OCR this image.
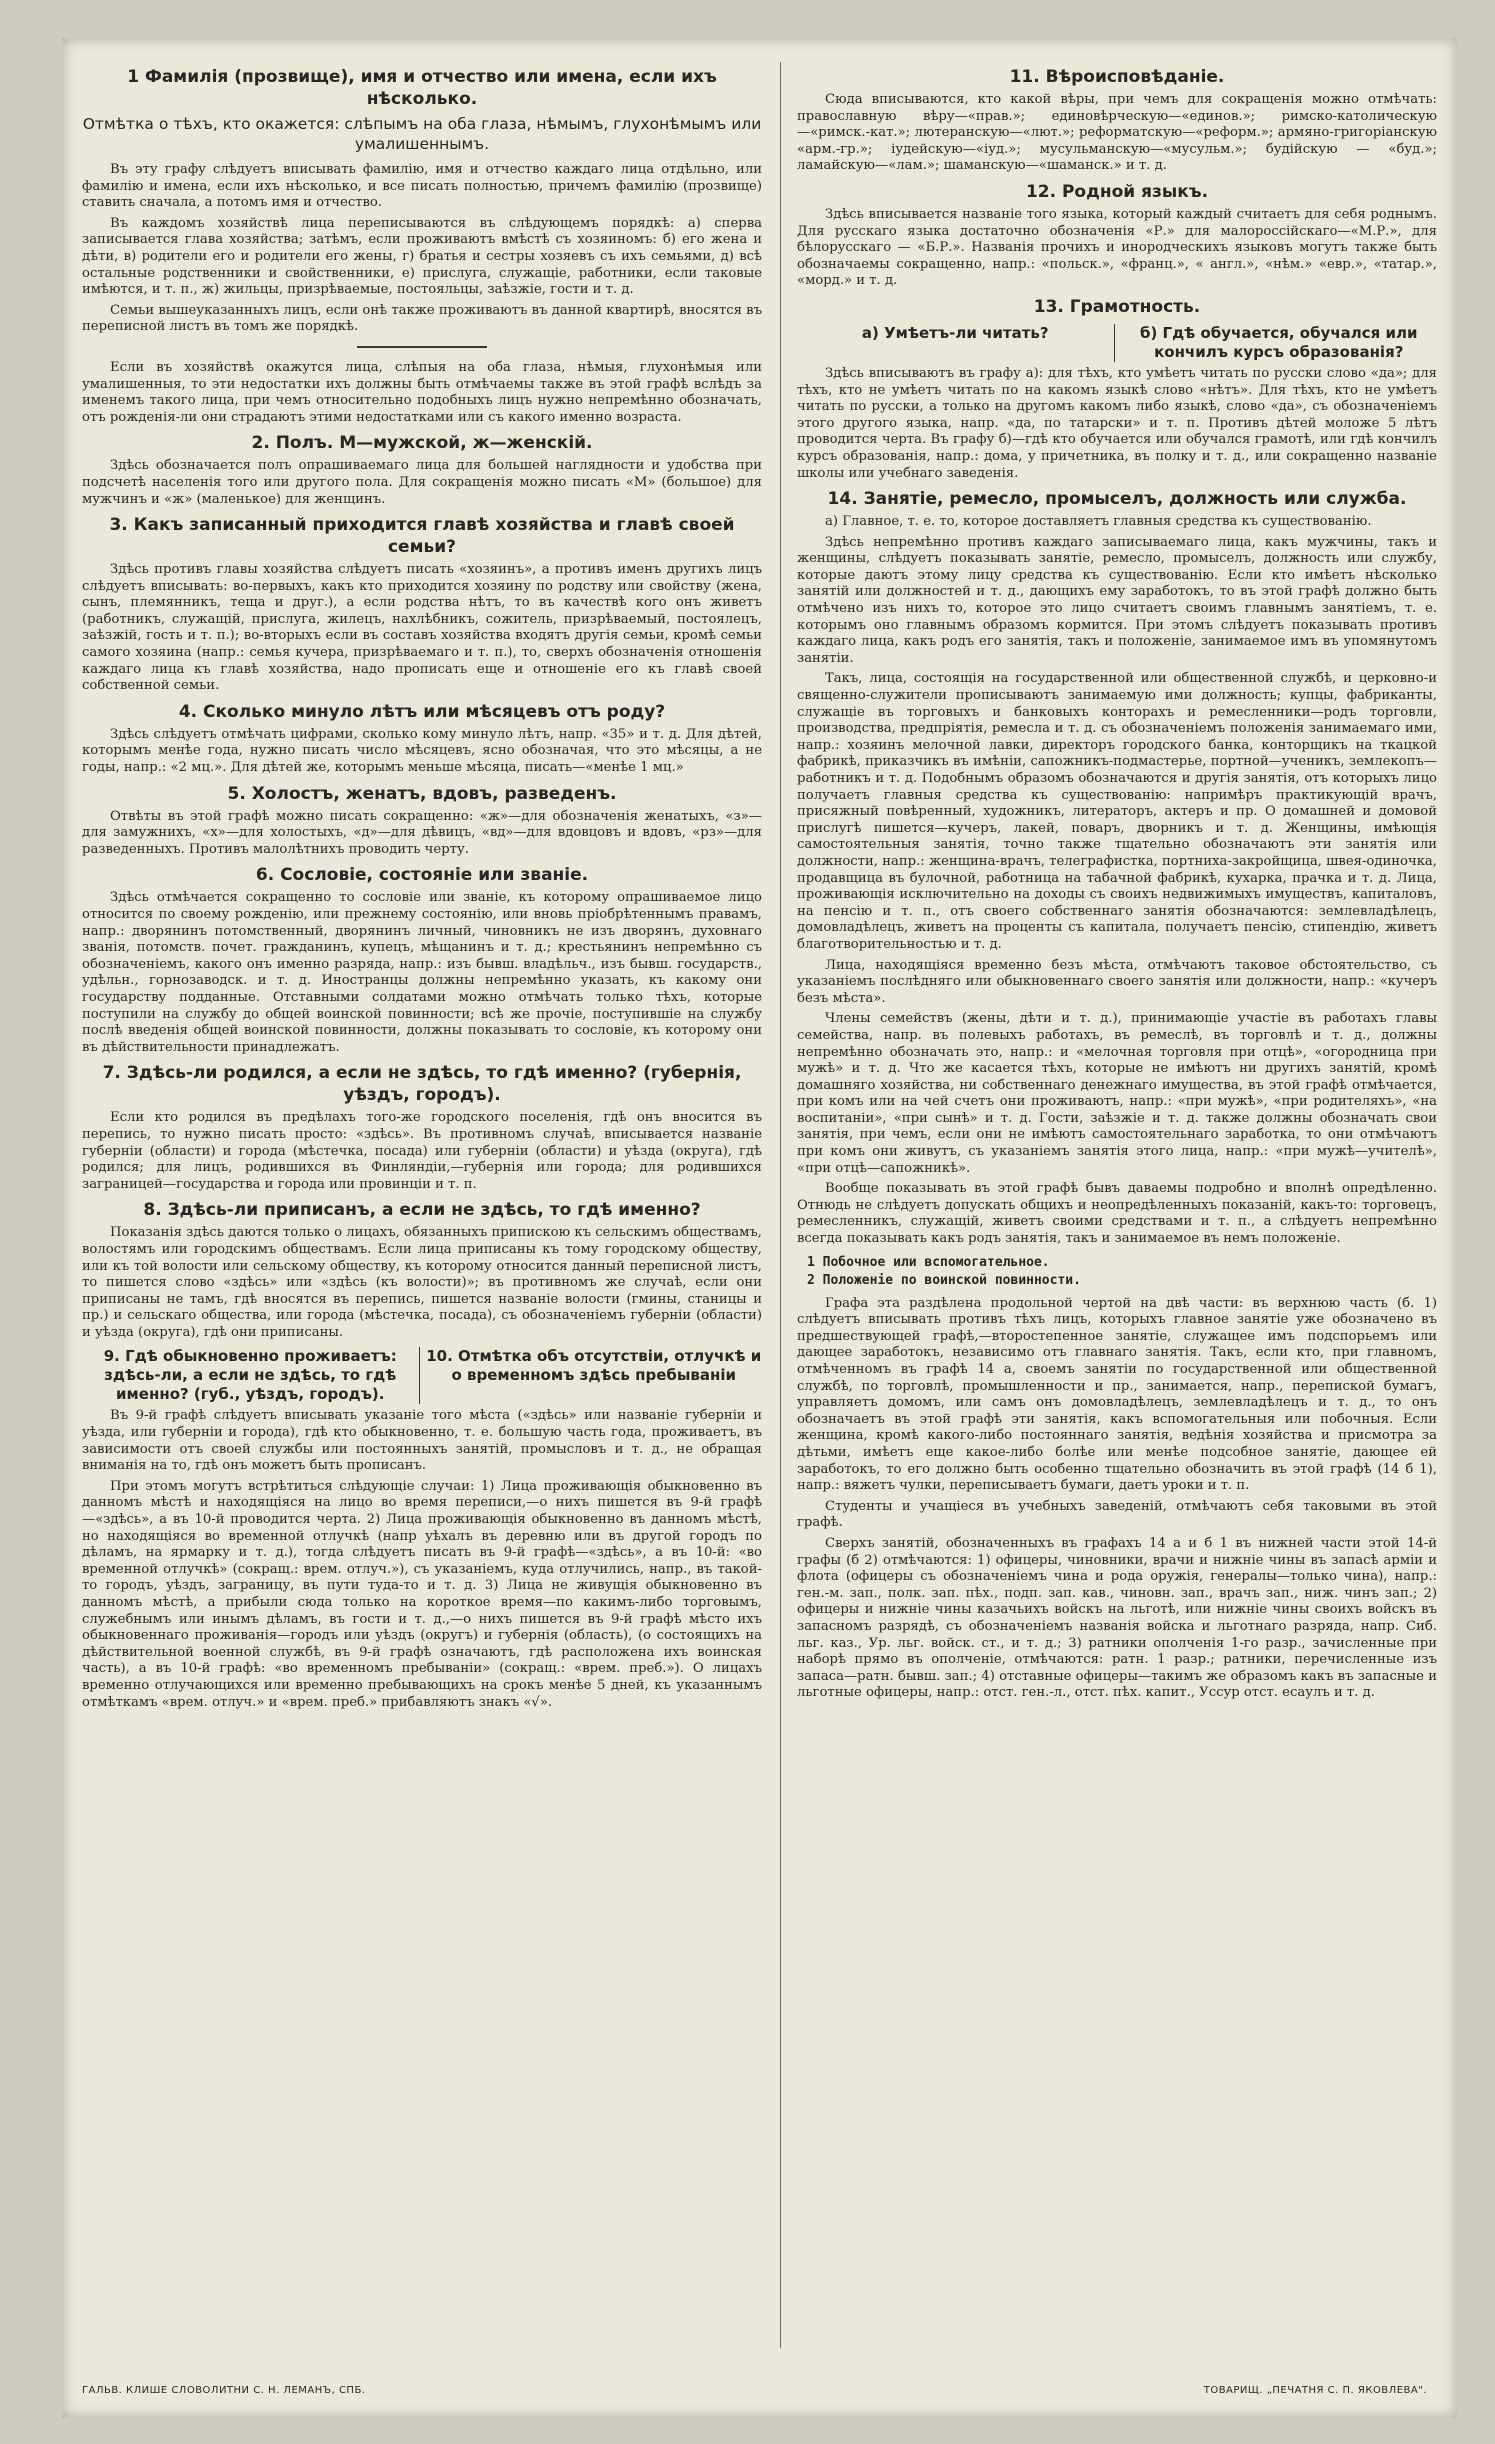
1 Фамилія (прозвище), имя и отчество или имена, если ихъ нѣсколько.
Отмѣтка о тѣхъ, кто окажется: слѣпымъ на оба глаза, нѣмымъ, глухонѣмымъ или умалишеннымъ.

Въ эту графу слѣдуетъ вписывать фамилію, имя и отчество каждаго лица отдѣльно, или фамилію и имена, если ихъ нѣсколько, и все писать полностью, причемъ фамилію (прозвище) ставить сначала, а потомъ имя и отчество.

Въ каждомъ хозяйствѣ лица переписываются въ слѣдующемъ порядкѣ: а) сперва записывается глава хозяйства; затѣмъ, если проживаютъ вмѣстѣ съ хозяиномъ: б) его жена и дѣти, в) родители его и родители его жены, г) братья и сестры хозяевъ съ ихъ семьями, д) всѣ остальные родственники и свойственники, е) прислуга, служащіе, работники, если таковые имѣются, и т. п., ж) жильцы, призрѣваемые, постояльцы, заѣзжіе, гости и т. д.

Семьи вышеуказанныхъ лицъ, если онѣ также проживаютъ въ данной квартирѣ, вносятся въ переписной листъ въ томъ же порядкѣ.

Если въ хозяйствѣ окажутся лица, слѣпыя на оба глаза, нѣмыя, глухонѣмыя или умалишенныя, то эти недостатки ихъ должны быть отмѣчаемы также въ этой графѣ вслѣдъ за именемъ такого лица, при чемъ относительно подобныхъ лицъ нужно непремѣнно обозначать, отъ рожденія-ли они страдаютъ этими недостатками или съ какого именно возраста.

2. Полъ. М—мужской, ж—женскій.

Здѣсь обозначается полъ опрашиваемаго лица для большей наглядности и удобства при подсчетѣ населенія того или другого пола. Для сокращенія можно писать «М» (большое) для мужчинъ и «ж» (маленькое) для женщинъ.

3. Какъ записанный приходится главѣ хозяйства и главѣ своей семьи?

Здѣсь противъ главы хозяйства слѣдуетъ писать «хозяинъ», а противъ именъ другихъ лицъ слѣдуетъ вписывать: во-первыхъ, какъ кто приходится хозяину по родству или свойству (жена, сынъ, племянникъ, теща и друг.), а если родства нѣтъ, то въ качествѣ кого онъ живетъ (работникъ, служащій, прислуга, жилецъ, нахлѣбникъ, сожитель, призрѣваемый, постоялецъ, заѣзжій, гость и т. п.); во-вторыхъ если въ составъ хозяйства входятъ другія семьи, кромѣ семьи самого хозяина (напр.: семья кучера, призрѣваемаго и т. п.), то, сверхъ обозначенія отношенія каждаго лица къ главѣ хозяйства, надо прописать еще и отношеніе его къ главѣ своей собственной семьи.

4. Сколько минуло лѣтъ или мѣсяцевъ отъ роду?

Здѣсь слѣдуетъ отмѣчать цифрами, сколько кому минуло лѣтъ, напр. «35» и т. д. Для дѣтей, которымъ менѣе года, нужно писать число мѣсяцевъ, ясно обозначая, что это мѣсяцы, а не годы, напр.: «2 мц.». Для дѣтей же, которымъ меньше мѣсяца, писать—«менѣе 1 мц.»

5. Холостъ, женатъ, вдовъ, разведенъ.

Отвѣты въ этой графѣ можно писать сокращенно: «ж»—для обозначенія женатыхъ, «з»—для замужнихъ, «х»—для холостыхъ, «д»—для дѣвицъ, «вд»—для вдовцовъ и вдовъ, «рз»—для разведенныхъ. Противъ малолѣтнихъ проводить черту.

6. Сословіе, состояніе или званіе.

Здѣсь отмѣчается сокращенно то сословіе или званіе, къ которому опрашиваемое лицо относится по своему рожденію, или прежнему состоянію, или вновь пріобрѣтеннымъ правамъ, напр.: дворянинъ потомственный, дворянинъ личный, чиновникъ не изъ дворянъ, духовнаго званія, потомств. почет. гражданинъ, купецъ, мѣщанинъ и т. д.; крестьянинъ непремѣнно съ обозначеніемъ, какого онъ именно разряда, напр.: изъ бывш. владѣльч., изъ бывш. государств., удѣльн., горнозаводск. и т. д. Иностранцы должны непремѣнно указать, къ какому они государству подданные. Отставными солдатами можно отмѣчать только тѣхъ, которые поступили на службу до общей воинской повинности; всѣ же прочіе, поступившіе на службу послѣ введенія общей воинской повинности, должны показывать то сословіе, къ которому они въ дѣйствительности принадлежатъ.

7. Здѣсь-ли родился, а если не здѣсь, то гдѣ именно? (губернія, уѣздъ, городъ).

Если кто родился въ предѣлахъ того-же городского поселенія, гдѣ онъ вносится въ перепись, то нужно писать просто: «здѣсь». Въ противномъ случаѣ, вписывается названіе губерніи (области) и города (мѣстечка, посада) или губерніи (области) и уѣзда (округа), гдѣ родился; для лицъ, родившихся въ Финляндіи,—губернія или города; для родившихся заграницей—государства и города или провинціи и т. п.

8. Здѣсь-ли приписанъ, а если не здѣсь, то гдѣ именно?

Показанія здѣсь даются только о лицахъ, обязанныхъ припискою къ сельскимъ обществамъ, волостямъ или городскимъ обществамъ. Если лица приписаны къ тому городскому обществу, или къ той волости или сельскому обществу, къ которому относится данный переписной листъ, то пишется слово «здѣсь» или «здѣсь (къ волости)»; въ противномъ же случаѣ, если они приписаны не тамъ, гдѣ вносятся въ перепись, пишется названіе волости (гмины, станицы и пр.) и сельскаго общества, или города (мѣстечка, посада), съ обозначеніемъ губерніи (области) и уѣзда (округа), гдѣ они приписаны.

9. Гдѣ обыкновенно проживаетъ: здѣсь-ли, а если не здѣсь, то гдѣ именно? (губ., уѣздъ, городъ).
10. Отмѣтка объ отсутствіи, отлучкѣ и о временномъ здѣсь пребываніи

Въ 9-й графѣ слѣдуетъ вписывать указаніе того мѣста («здѣсь» или названіе губерніи и уѣзда, или губерніи и города), гдѣ кто обыкновенно, т. е. большую часть года, проживаетъ, въ зависимости отъ своей службы или постоянныхъ занятій, промысловъ и т. д., не обращая вниманія на то, гдѣ онъ можетъ быть прописанъ.

При этомъ могутъ встрѣтиться слѣдующіе случаи: 1) Лица проживающія обыкновенно въ данномъ мѣстѣ и находящіяся на лицо во время переписи,—о нихъ пишется въ 9-й графѣ—«здѣсь», а въ 10-й проводится черта. 2) Лица проживающія обыкновенно въ данномъ мѣстѣ, но находящіяся во временной отлучкѣ (напр уѣхалъ въ деревню или въ другой городъ по дѣламъ, на ярмарку и т. д.), тогда слѣдуетъ писать въ 9-й графѣ—«здѣсь», а въ 10-й: «во временной отлучкѣ» (сокращ.: врем. отлуч.»), съ указаніемъ, куда отлучились, напр., въ такой-то городъ, уѣздъ, заграницу, въ пути туда-то и т. д. 3) Лица не живущія обыкновенно въ данномъ мѣстѣ, а прибыли сюда только на короткое время—по какимъ-либо торговымъ, служебнымъ или инымъ дѣламъ, въ гости и т. д.,—о нихъ пишется въ 9-й графѣ мѣсто ихъ обыкновеннаго проживанія—городъ или уѣздъ (округъ) и губернія (область), (о состоящихъ на дѣйствительной военной службѣ, въ 9-й графѣ означаютъ, гдѣ расположена ихъ воинская часть), а въ 10-й графѣ: «во временномъ пребываніи» (сокращ.: «врем. преб.»). О лицахъ временно отлучающихся или временно пребывающихъ на срокъ менѣе 5 дней, къ указаннымъ отмѣткамъ «врем. отлуч.» и «врем. преб.» прибавляютъ знакъ «√».

11. Вѣроисповѣданіе.

Сюда вписываются, кто какой вѣры, при чемъ для сокращенія можно отмѣчать: православную вѣру—«прав.»; единовѣрческую—«единов.»; римско-католическую—«римск.-кат.»; лютеранскую—«лют.»; реформатскую—«реформ.»; армяно-григоріанскую «арм.-гр.»; іудейскую—«іуд.»; мусульманскую—«мусульм.»; будійскую — «буд.»; ламайскую—«лам.»; шаманскую—«шаманск.» и т. д.

12. Родной языкъ.

Здѣсь вписывается названіе того языка, который каждый считаетъ для себя роднымъ. Для русскаго языка достаточно обозначенія «Р.» для малороссійскаго—«М.Р.», для бѣлорусскаго — «Б.Р.». Названія прочихъ и инородческихъ языковъ могутъ также быть обозначаемы сокращенно, напр.: «польск.», «франц.», « англ.», «нѣм.» «евр.», «татар.», «морд.» и т. д.

13. Грамотность.
а) Умѣетъ-ли читать?	б) Гдѣ обучается, обучался или кончилъ курсъ образованія?

Здѣсь вписываютъ въ графу а): для тѣхъ, кто умѣетъ читать по русски слово «да»; для тѣхъ, кто не умѣетъ читать по на какомъ языкѣ слово «нѣтъ». Для тѣхъ, кто не умѣетъ читать по русски, а только на другомъ какомъ либо языкѣ, слово «да», съ обозначеніемъ этого другого языка, напр. «да, по татарски» и т. п. Противъ дѣтей моложе 5 лѣтъ проводится черта. Въ графу б)—гдѣ кто обучается или обучался грамотѣ, или гдѣ кончилъ курсъ образованія, напр.: дома, у причетника, въ полку и т. д., или сокращенно названіе школы или учебнаго заведенія.

14. Занятіе, ремесло, промыселъ, должность или служба.

а) Главное, т. е. то, которое доставляетъ главныя средства къ существованію.

Здѣсь непремѣнно противъ каждаго записываемаго лица, какъ мужчины, такъ и женщины, слѣдуетъ показывать занятіе, ремесло, промыселъ, должность или службу, которые даютъ этому лицу средства къ существованію. Если кто имѣетъ нѣсколько занятій или должностей и т. д., дающихъ ему заработокъ, то въ этой графѣ должно быть отмѣчено изъ нихъ то, которое это лицо считаетъ своимъ главнымъ занятіемъ, т. е. которымъ оно главнымъ образомъ кормится. При этомъ слѣдуетъ показывать противъ каждаго лица, какъ родъ его занятія, такъ и положеніе, занимаемое имъ въ упомянутомъ занятіи.

Такъ, лица, состоящія на государственной или общественной службѣ, и церковно-и священно-служители прописываютъ занимаемую ими должность; купцы, фабриканты, служащіе въ торговыхъ и банковыхъ конторахъ и ремесленники—родъ торговли, производства, предпріятія, ремесла и т. д. съ обозначеніемъ положенія занимаемаго ими, напр.: хозяинъ мелочной лавки, директоръ городского банка, конторщикъ на ткацкой фабрикѣ, приказчикъ въ имѣніи, сапожникъ-подмастерье, портной—ученикъ, землекопъ—работникъ и т. д. Подобнымъ образомъ обозначаются и другія занятія, отъ которыхъ лицо получаетъ главныя средства къ существованію: напримѣръ практикующій врачъ, присяжный повѣренный, художникъ, литераторъ, актеръ и пр. О домашней и домовой прислугѣ пишется—кучеръ, лакей, поваръ, дворникъ и т. д. Женщины, имѣющія самостоятельныя занятія, точно также тщательно обозначаютъ эти занятія или должности, напр.: женщина-врачъ, телеграфистка, портниха-закройщица, швея-одиночка, продавщица въ булочной, работница на табачной фабрикѣ, кухарка, прачка и т. д. Лица, проживающія исключительно на доходы съ своихъ недвижимыхъ имуществъ, капиталовъ, на пенсію и т. п., отъ своего собственнаго занятія обозначаются: землевладѣлецъ, домовладѣлецъ, живетъ на проценты съ капитала, получаетъ пенсію, стипендію, живетъ благотворительностью и т. д.

Лица, находящіяся временно безъ мѣста, отмѣчаютъ таковое обстоятельство, съ указаніемъ послѣдняго или обыкновеннаго своего занятія или должности, напр.: «кучеръ безъ мѣста».

Члены семействъ (жены, дѣти и т. д.), принимающіе участіе въ работахъ главы семейства, напр. въ полевыхъ работахъ, въ ремеслѣ, въ торговлѣ и т. д., должны непремѣнно обозначать это, напр.: и «мелочная торговля при отцѣ», «огородница при мужѣ» и т. д. Что же касается тѣхъ, которые не имѣютъ ни другихъ занятій, кромѣ домашняго хозяйства, ни собственнаго денежнаго имущества, въ этой графѣ отмѣчается, при комъ или на чей счетъ они проживаютъ, напр.: «при мужѣ», «при родителяхъ», «на воспитаніи», «при сынѣ» и т. д. Гости, заѣзжіе и т. д. также должны обозначать свои занятія, при чемъ, если они не имѣютъ самостоятельнаго заработка, то они отмѣчаютъ при комъ они живутъ, съ указаніемъ занятія этого лица, напр.: «при мужѣ—учителѣ», «при отцѣ—сапожникѣ».

Вообще показывать въ этой графѣ бывъ даваемы подробно и вполнѣ опредѣленно. Отнюдь не слѣдуетъ допускать общихъ и неопредѣленныхъ показаній, какъ-то: торговецъ, ремесленникъ, служащій, живетъ своими средствами и т. п., а слѣдуетъ непремѣнно всегда показывать какъ родъ занятія, такъ и занимаемое въ немъ положеніе.

1 Побочное или вспомогательное.
2 Положеніе по воинской повинности.

Графа эта раздѣлена продольной чертой на двѣ части: въ верхнюю часть (б. 1) слѣдуетъ вписывать противъ тѣхъ лицъ, которыхъ главное занятіе уже обозначено въ предшествующей графѣ,—второстепенное занятіе, служащее имъ подспорьемъ или дающее заработокъ, независимо отъ главнаго занятія. Такъ, если кто, при главномъ, отмѣченномъ въ графѣ 14 а, своемъ занятіи по государственной или общественной службѣ, по торговлѣ, промышленности и пр., занимается, напр., перепиской бумагъ, управляетъ домомъ, или самъ онъ домовладѣлецъ, землевладѣлецъ и т. д., то онъ обозначаетъ въ этой графѣ эти занятія, какъ вспомогательныя или побочныя. Если женщина, кромѣ какого-либо постояннаго занятія, ведѣнія хозяйства и присмотра за дѣтьми, имѣетъ еще какое-либо болѣе или менѣе подсобное занятіе, дающее ей заработокъ, то его должно быть особенно тщательно обозначить въ этой графѣ (14 б 1), напр.: вяжетъ чулки, переписываетъ бумаги, даетъ уроки и т. п.

Студенты и учащіеся въ учебныхъ заведеній, отмѣчаютъ себя таковыми въ этой графѣ.

Сверхъ занятій, обозначенныхъ въ графахъ 14 а и б 1 въ нижней части этой 14-й графы (б 2) отмѣчаются: 1) офицеры, чиновники, врачи и нижніе чины въ запасѣ арміи и флота (офицеры съ обозначеніемъ чина и рода оружія, генералы—только чина), напр.: ген.-м. зап., полк. зап. пѣх., подп. зап. кав., чиновн. зап., врачъ зап., ниж. чинъ зап.; 2) офицеры и нижніе чины казачьихъ войскъ на льготѣ, или нижніе чины своихъ войскъ въ запасномъ разрядѣ, съ обозначеніемъ названія войска и льготнаго разряда, напр. Сиб. льг. каз., Ур. льг. войск. ст., и т. д.; 3) ратники ополченія 1-го разр., зачисленные при наборѣ прямо въ ополченіе, отмѣчаются: ратн. 1 разр.; ратники, перечисленные изъ запаса—ратн. бывш. зап.; 4) отставные офицеры—такимъ же образомъ какъ въ запасные и льготные офицеры, напр.: отст. ген.-л., отст. пѣх. капит., Уссур отст. есаулъ и т. д.

ГАЛЬВ. КЛИШЕ СЛОВОЛИТНИ С. Н. ЛЕМАНЪ, СПБ.	ТОВАРИЩ. „ПЕЧАТНЯ С. П. ЯКОВЛЕВА".
